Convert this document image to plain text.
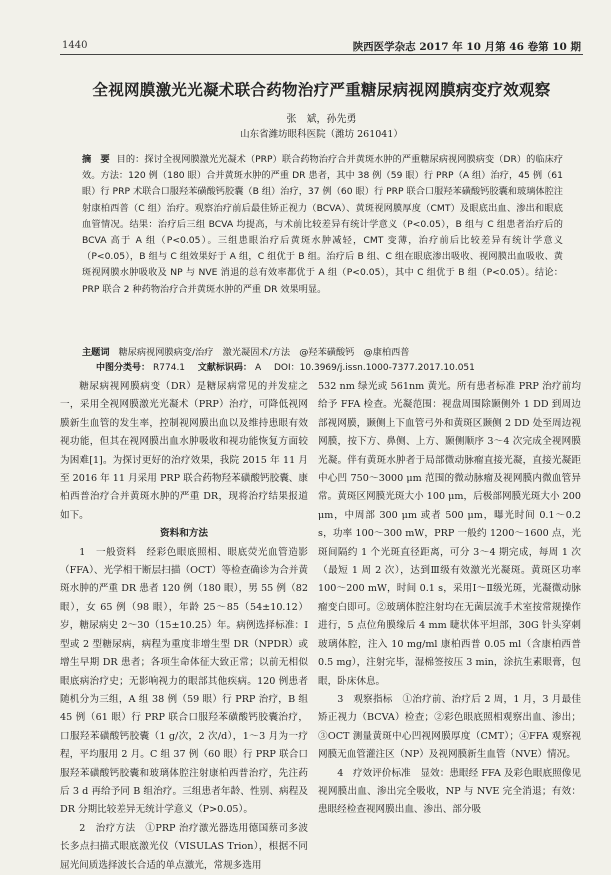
1440	陕西医学杂志 2017 年 10 月第 46 卷第 10 期
全视网膜激光光凝术联合药物治疗严重糖尿病视网膜病变疗效观察
张　斌，孙先勇
山东省潍坊眼科医院（潍坊 261041）
摘　要 目的：探讨全视网膜激光光凝术（PRP）联合药物治疗合并黄斑水肿的严重糖尿病视网膜病变（DR）的临床疗效。方法：120 例（180 眼）合并黄斑水肿的严重 DR 患者，其中 38 例（59 眼）行 PRP（A 组）治疗，45 例（61 眼）行 PRP 术联合口服羟苯磺酸钙胶囊（B 组）治疗，37 例（60 眼）行 PRP 联合口服羟苯磺酸钙胶囊和玻璃体腔注射康柏西普（C 组）治疗。观察治疗前后最佳矫正视力（BCVA）、黄斑视网膜厚度（CMT）及眼底出血、渗出和眼底血管情况。结果：治疗后三组 BCVA 均提高，与术前比较差异有统计学意义（P<0.05），B 组与 C 组患者治疗后的 BCVA 高于 A 组（P<0.05）。三组患眼治疗后黄斑水肿减轻，CMT 变薄，治疗前后比较差异有统计学意义（P<0.05），B 组与 C 组效果好于 A 组，C 组优于 B 组。治疗后 B 组、C 组在眼底渗出吸收、视网膜出血吸收、黄斑视网膜水肿吸收及 NP 与 NVE 消退的总有效率都优于 A 组（P<0.05），其中 C 组优于 B 组（P<0.05）。结论：PRP 联合 2 种药物治疗合并黄斑水肿的严重 DR 效果明显。
主题词 糖尿病视网膜病变/治疗　激光凝固术/方法　@羟苯磺酸钙　@康柏西普
中图分类号： R774.1 文献标识码： A DOI：10.3969/j.issn.1000-7377.2017.10.051

糖尿病视网膜病变（DR）是糖尿病常见的并发症之一，采用全视网膜激光光凝术（PRP）治疗，可降低视网膜新生血管的发生率，控制视网膜出血以及维持患眼有效视功能，但其在视网膜出血水肿吸收和视功能恢复方面较为困难[1]。为探讨更好的治疗效果，我院 2015 年 11 月至 2016 年 11 月采用 PRP 联合药物羟苯磺酸钙胶囊、康柏西普治疗合并黄斑水肿的严重 DR，现将治疗结果报道如下。

资料和方法

1　一般资料　经彩色眼底照相、眼底荧光血管造影（FFA）、光学相干断层扫描（OCT）等检查确诊为合并黄斑水肿的严重 DR 患者 120 例（180 眼），男 55 例（82 眼），女 65 例（98 眼），年龄 25～85（54±10.12）岁，糖尿病史 2～30（15±10.25）年。病例选择标准：Ⅰ型或 2 型糖尿病，病程为重度非增生型 DR（NPDR）或增生早期 DR 患者；各项生命体征大致正常；以前无相似眼底病治疗史；无影响视力的眼部其他疾病。120 例患者随机分为三组，A 组 38 例（59 眼）行 PRP 治疗，B 组 45 例（61 眼）行 PRP 联合口服羟苯磺酸钙胶囊治疗，口服羟苯磺酸钙胶囊（1 g/次，2 次/d），1～3 月为一疗程，平均服用 2 月。C 组 37 例（60 眼）行 PRP 联合口服羟苯磺酸钙胶囊和玻璃体腔注射康柏西普治疗，先注药后 3 d 再给予同 B 组治疗。三组患者年龄、性别、病程及 DR 分期比较差异无统计学意义（P>0.05）。

2　治疗方法　①PRP 治疗激光器选用德国蔡司多波长多点扫描式眼底激光仪（VISULAS Trion），根据不同屈光间质选择波长合适的单点激光，常规多选用

532 nm 绿光或 561nm 黄光。所有患者标准 PRP 治疗前均给予 FFA 检查。光凝范围：视盘周围除颞侧外 1 DD 到周边部视网膜，颞侧上下血管弓外和黄斑区颞侧 2 DD 处至周边视网膜，按下方、鼻侧、上方、颞侧顺序 3～4 次完成全视网膜光凝。伴有黄斑水肿者于局部微动脉瘤直接光凝，直接光凝距中心凹 750～3000 μm 范围的微动脉瘤及视网膜内微血管异常。黄斑区网膜光斑大小 100 μm，后极部网膜光斑大小 200 μm，中周部 300 μm 或者 500 μm，曝光时间 0.1～0.2 s，功率 100～300 mW，PRP 一般约 1200～1600 点，光斑间隔约 1 个光斑直径距离，可分 3～4 期完成，每周 1 次（最短 1 周 2 次），达到Ⅲ级有效激光光凝斑。黄斑区功率 100～200 mW，时间 0.1 s，采用Ⅰ～Ⅱ级光斑，光凝微动脉瘤变白即可。②玻璃体腔注射均在无菌层流手术室按常规操作进行，5 点位角膜缘后 4 mm 睫状体平坦部，30G 针头穿刺玻璃体腔，注入 10 mg/ml 康柏西普 0.05 ml（含康柏西普 0.5 mg），注射完毕，湿棉签按压 3 min，涂抗生素眼膏，包眼，卧床休息。

3　观察指标　①治疗前、治疗后 2 周，1 月，3 月最佳矫正视力（BCVA）检查；②彩色眼底照相观察出血、渗出；③OCT 测量黄斑中心凹视网膜厚度（CMT）；④FFA 观察视网膜无血管灌注区（NP）及视网膜新生血管（NVE）情况。

4　疗效评价标准　显效：患眼经 FFA 及彩色眼底照像见视网膜出血、渗出完全吸收，NP 与 NVE 完全消退；有效：患眼经检查视网膜出血、渗出、部分吸
